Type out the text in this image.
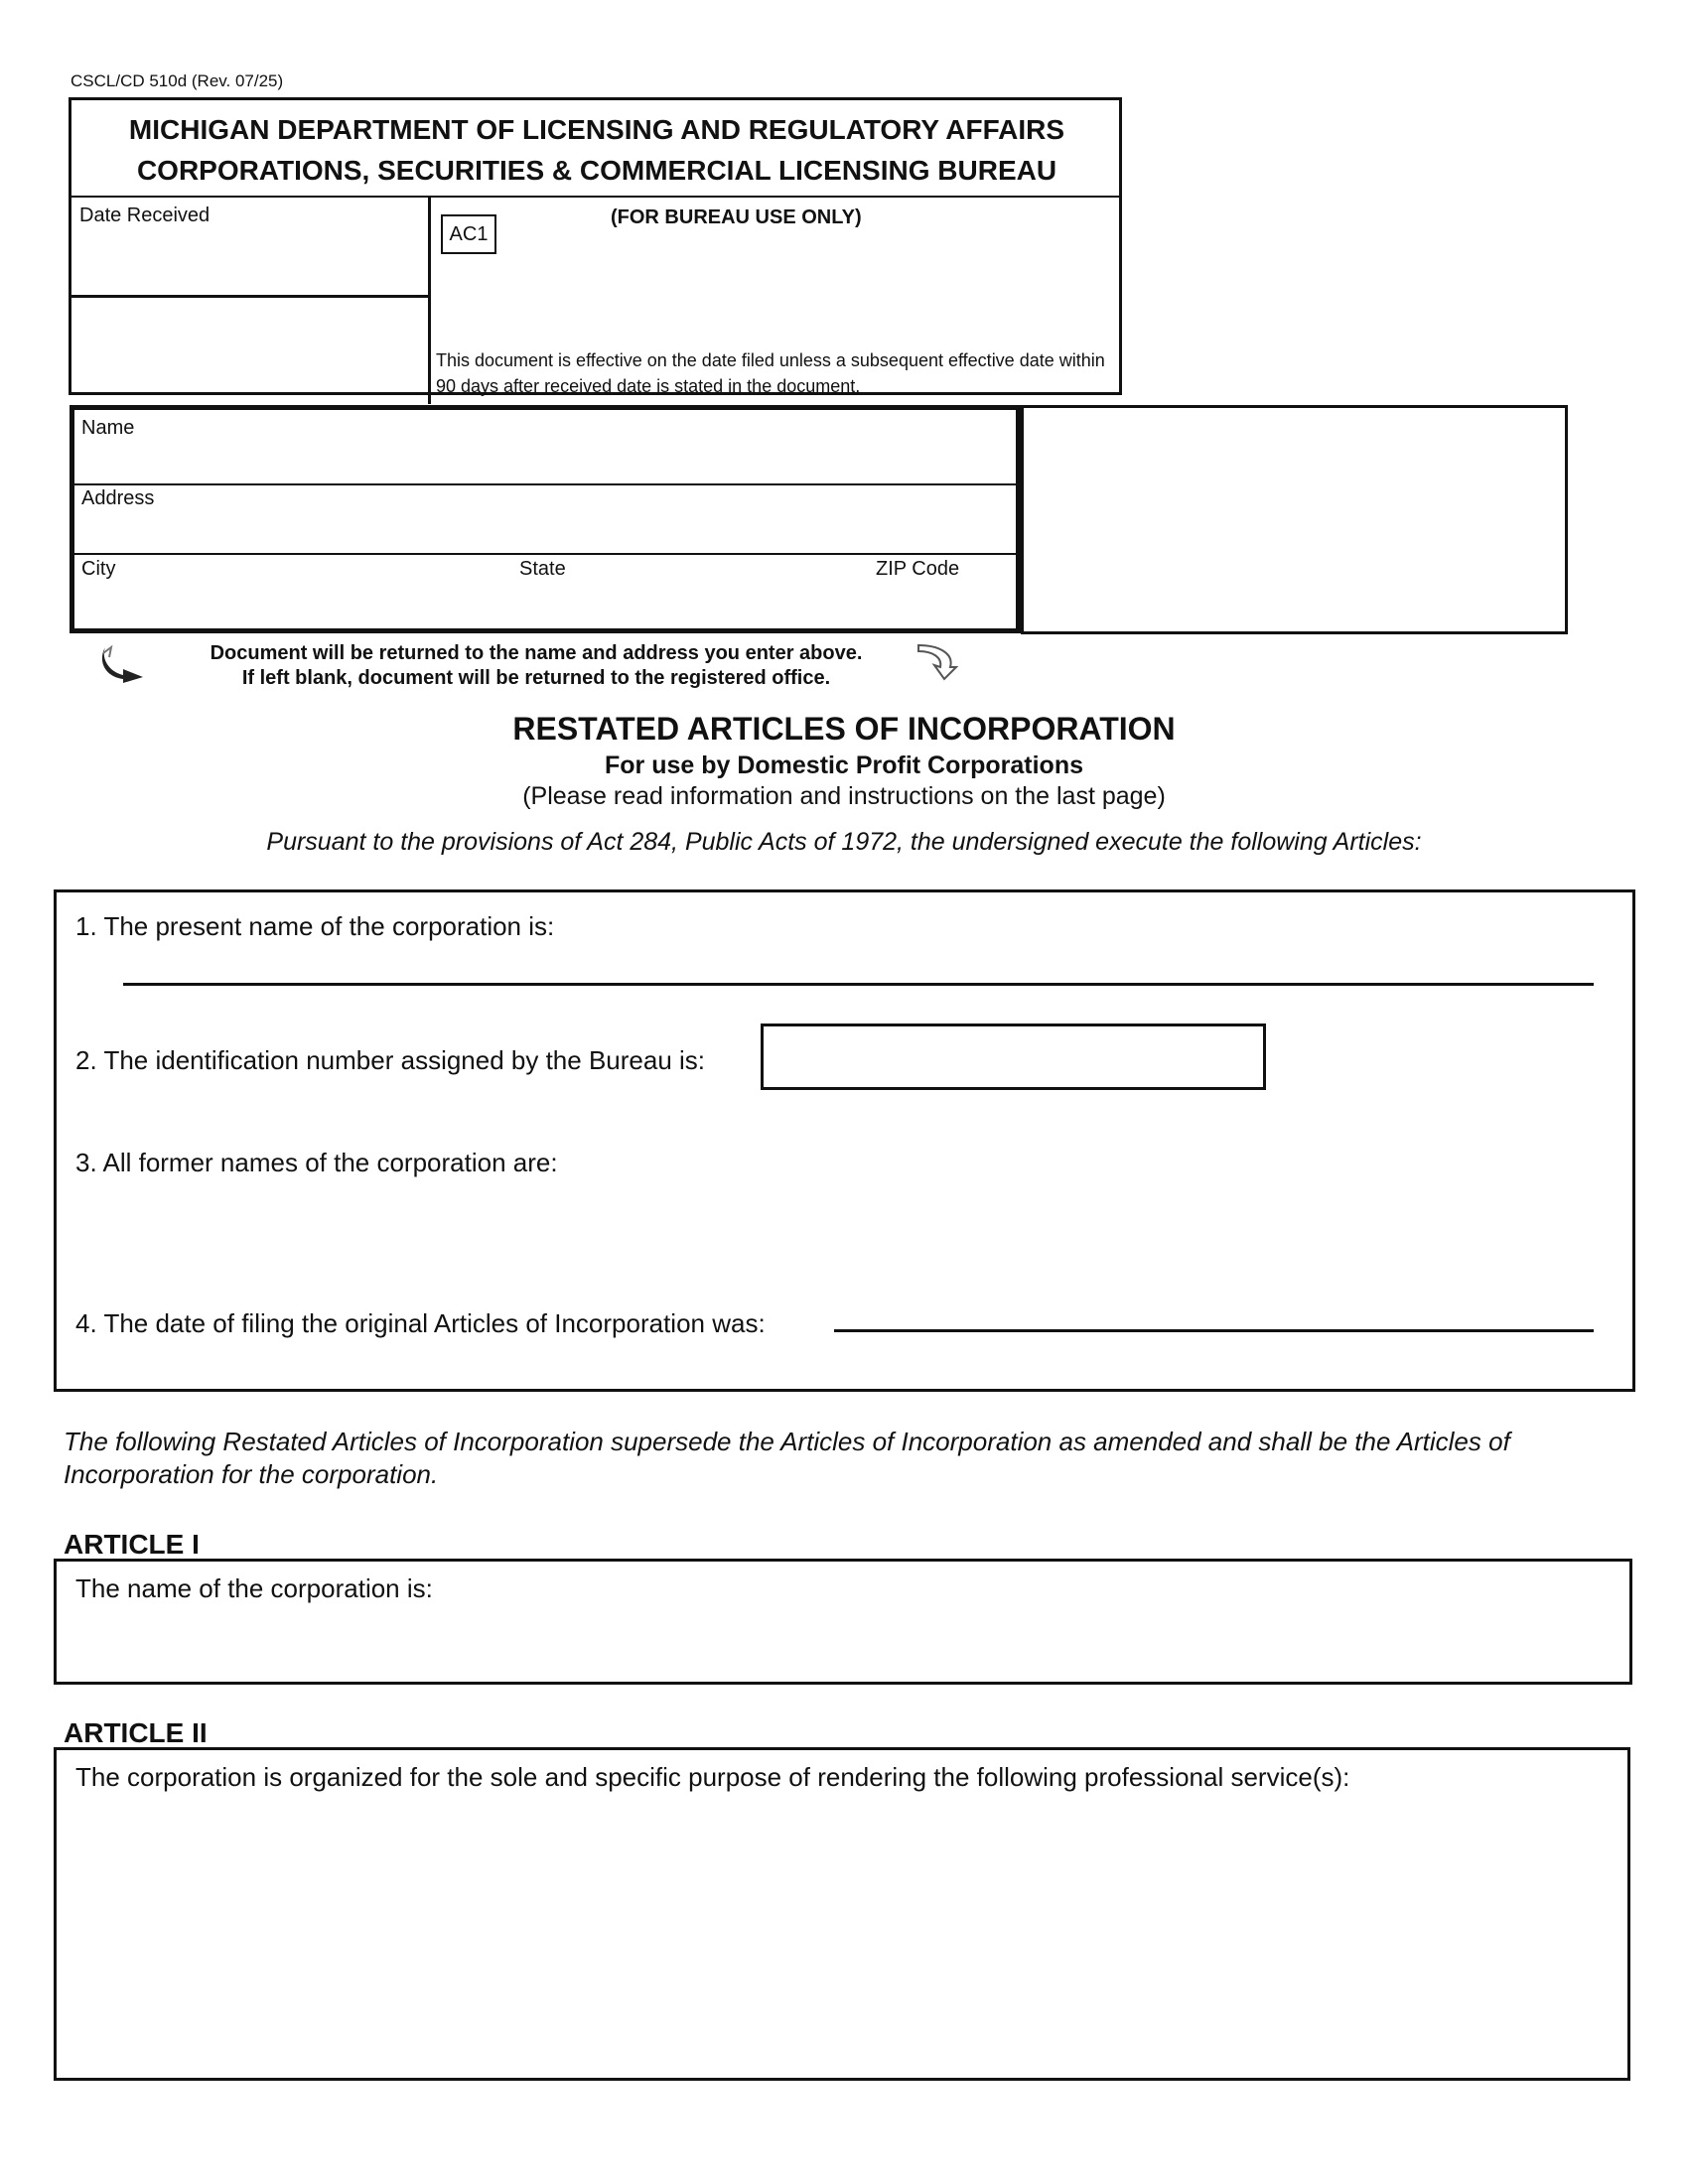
CSCL/CD 510d (Rev. 07/25)
MICHIGAN DEPARTMENT OF LICENSING AND REGULATORY AFFAIRS
CORPORATIONS, SECURITIES & COMMERCIAL LICENSING BUREAU
Date Received
AC1
(FOR BUREAU USE ONLY)
This document is effective on the date filed unless a subsequent effective date within 90 days after received date is stated in the document.
Name
Address
City	State	ZIP Code
Document will be returned to the name and address you enter above.
If left blank, document will be returned to the registered office.
RESTATED ARTICLES OF INCORPORATION
For use by Domestic Profit Corporations
(Please read information and instructions on the last page)
Pursuant to the provisions of Act 284, Public Acts of 1972, the undersigned execute the following Articles:
1. The present name of the corporation is:
2. The identification number assigned by the Bureau is:
3. All former names of the corporation are:
4. The date of filing the original Articles of Incorporation was:
The following Restated Articles of Incorporation supersede the Articles of Incorporation as amended and shall be the Articles of Incorporation for the corporation.
ARTICLE I
The name of the corporation is:
ARTICLE II
The corporation is organized for the sole and specific purpose of rendering the following professional service(s):
